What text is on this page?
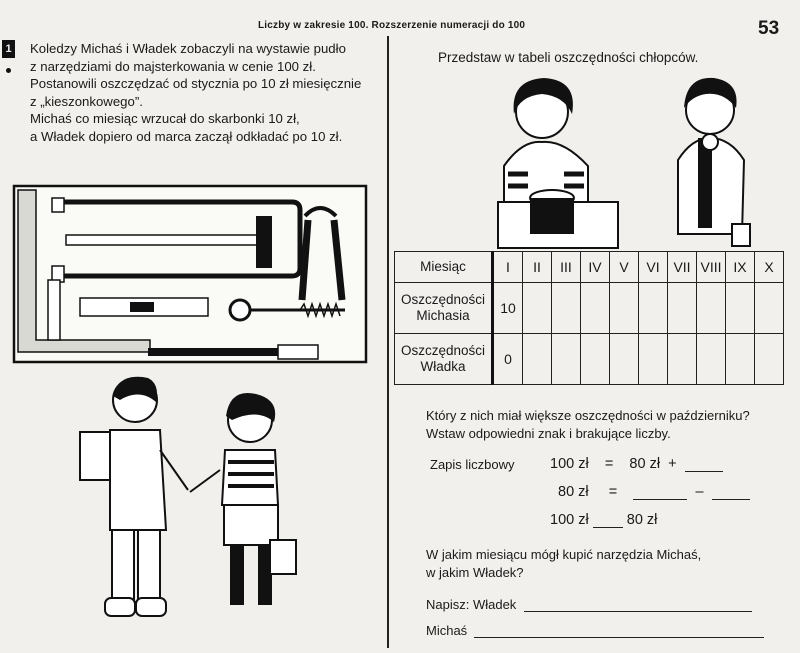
Liczby w zakresie 100. Rozszerzenie numeracji do 100	53
1 Koledzy Michaś i Władek zobaczyli na wystawie pudło
z narzędziami do majsterkowania w cenie 100 zł.
Postanowili oszczędzać od stycznia po 10 zł miesięcznie
z „kieszonkowego”.
Michaś co miesiąc wrzucał do skarbonki 10 zł,
a Władek dopiero od marca zaczął odkładać po 10 zł.
Przedstaw w tabeli oszczędności chłopców.
Miesiąc	I	II	III	IV	V	VI	VII	VIII	IX	X
Oszczędności
Michasia	10									
Oszczędności
Władka	0									
Który z nich miał większe oszczędności w październiku?
Wstaw odpowiedni znak i brakujące liczby.
Zapis liczbowy 100 zł = 80 zł +
80 zł =	–
100 zł	80 zł
W jakim miesiącu mógł kupić narzędzia Michaś,
w jakim Władek?
Napisz: Władek
Michaś
